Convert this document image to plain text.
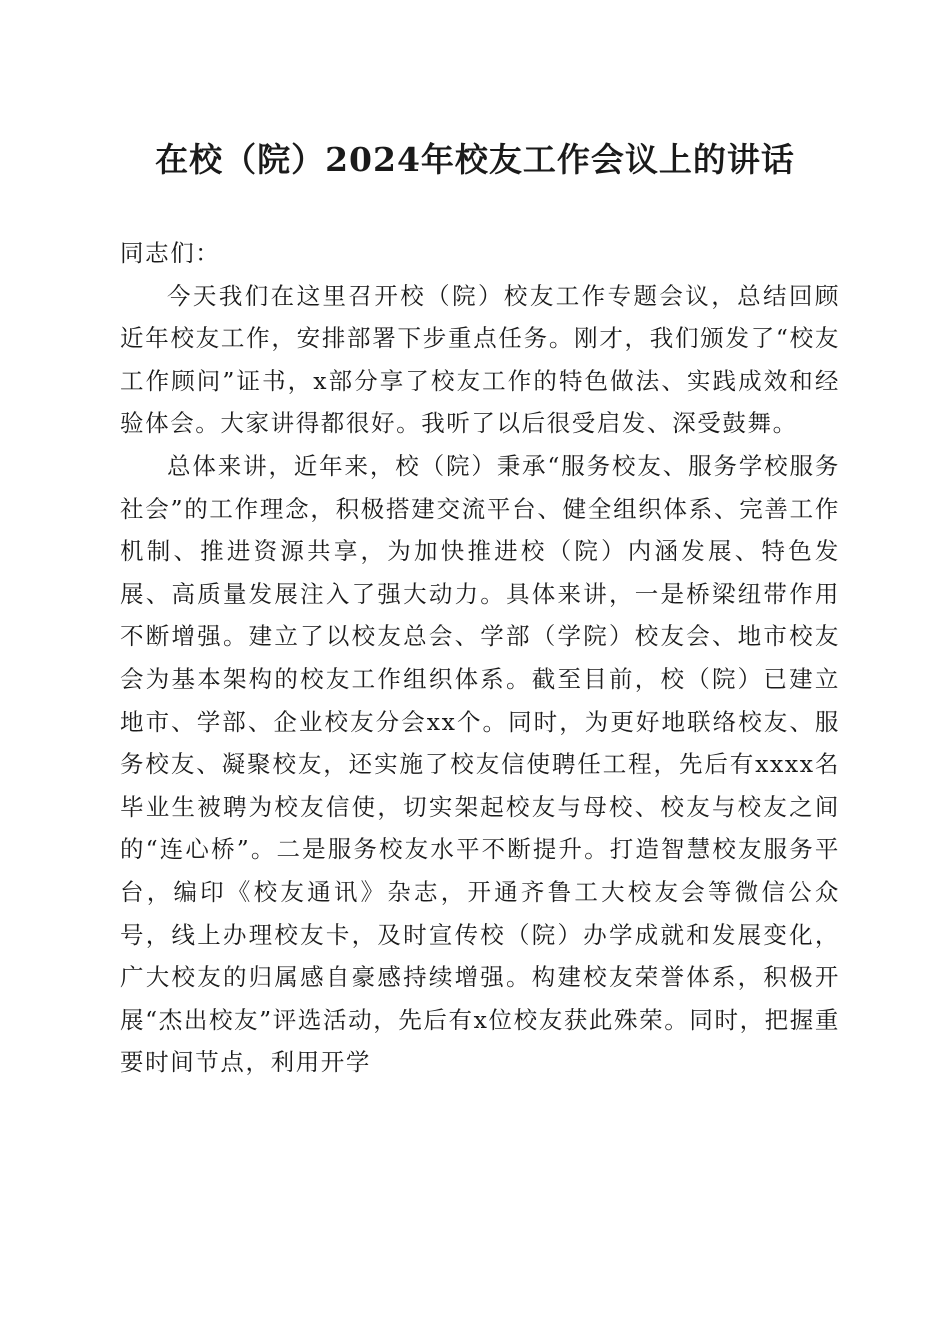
在校（院）2024年校友工作会议上的讲话

同志们：

今天我们在这里召开校（院）校友工作专题会议，总结回顾近年校友工作，安排部署下步重点任务。刚才，我们颁发了“校友工作顾问”证书，x部分享了校友工作的特色做法、实践成效和经验体会。大家讲得都很好。我听了以后很受启发、深受鼓舞。

总体来讲，近年来，校（院）秉承“服务校友、服务学校服务社会”的工作理念，积极搭建交流平台、健全组织体系、完善工作机制、推进资源共享，为加快推进校（院）内涵发展、特色发展、高质量发展注入了强大动力。具体来讲，一是桥梁纽带作用不断增强。建立了以校友总会、学部（学院）校友会、地市校友会为基本架构的校友工作组织体系。截至目前，校（院）已建立地市、学部、企业校友分会xx个。同时，为更好地联络校友、服务校友、凝聚校友，还实施了校友信使聘任工程，先后有xxxx名毕业生被聘为校友信使，切实架起校友与母校、校友与校友之间的“连心桥”。二是服务校友水平不断提升。打造智慧校友服务平台，编印《校友通讯》杂志，开通齐鲁工大校友会等微信公众号，线上办理校友卡，及时宣传校（院）办学成就和发展变化，广大校友的归属感自豪感持续增强。构建校友荣誉体系，积极开展“杰出校友”评选活动，先后有x位校友获此殊荣。同时，把握重要时间节点，利用开学
